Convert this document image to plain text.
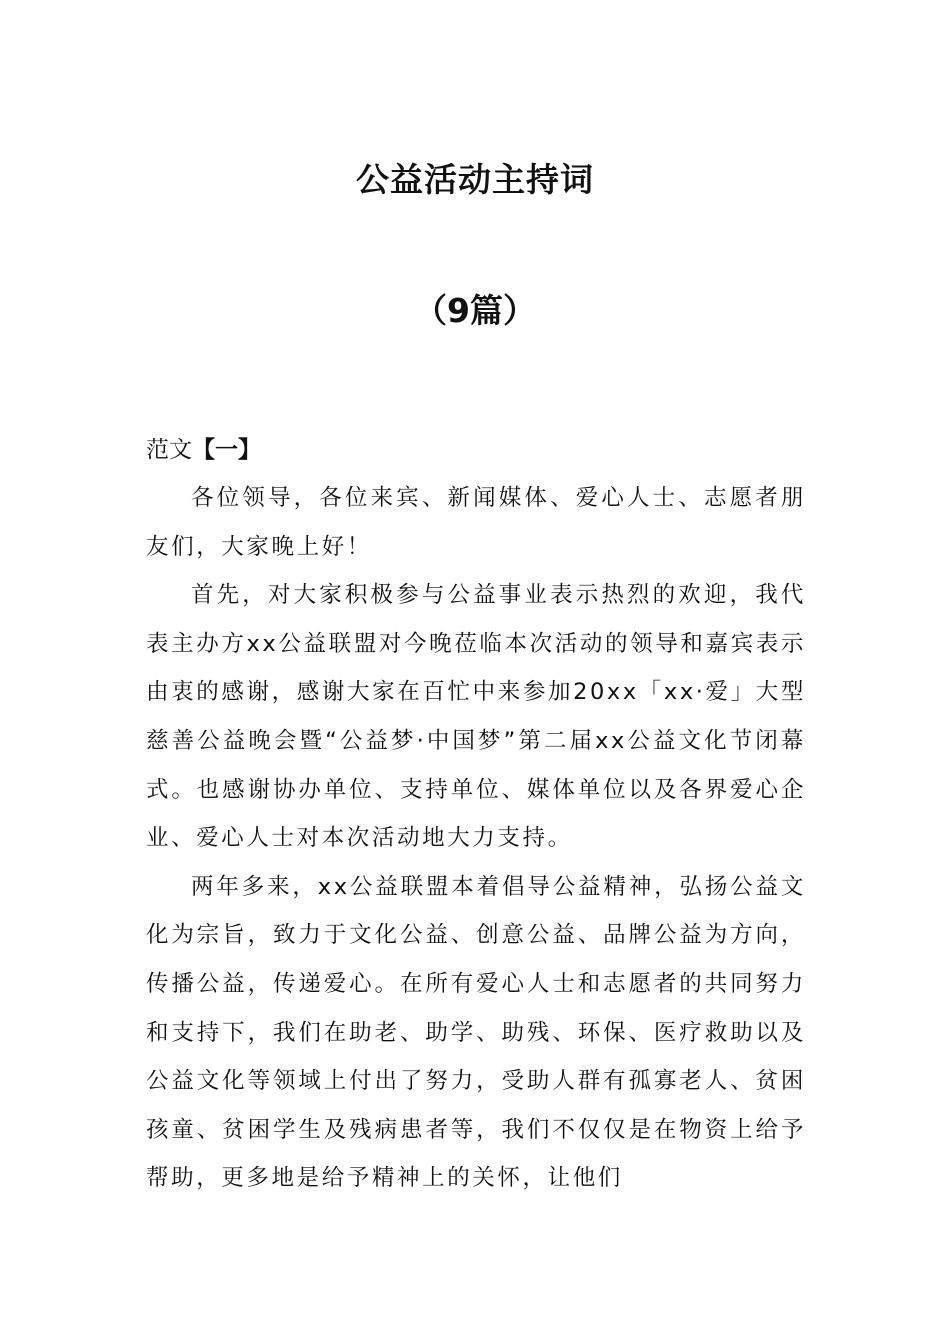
公益活动主持词
（9篇）
范文【一】

各位领导，各位来宾、新闻媒体、爱心人士、志愿者朋友们，大家晚上好！

首先，对大家积极参与公益事业表示热烈的欢迎，我代表主办方xx公益联盟对今晚莅临本次活动的领导和嘉宾表示由衷的感谢，感谢大家在百忙中来参加20xx「xx·爱」大型慈善公益晚会暨“公益梦·中国梦”第二届xx公益文化节闭幕式。也感谢协办单位、支持单位、媒体单位以及各界爱心企业、爱心人士对本次活动地大力支持。

两年多来，xx公益联盟本着倡导公益精神，弘扬公益文化为宗旨，致力于文化公益、创意公益、品牌公益为方向，传播公益，传递爱心。在所有爱心人士和志愿者的共同努力和支持下，我们在助老、助学、助残、环保、医疗救助以及公益文化等领域上付出了努力，受助人群有孤寡老人、贫困孩童、贫困学生及残病患者等，我们不仅仅是在物资上给予帮助，更多地是给予精神上的关怀，让他们
